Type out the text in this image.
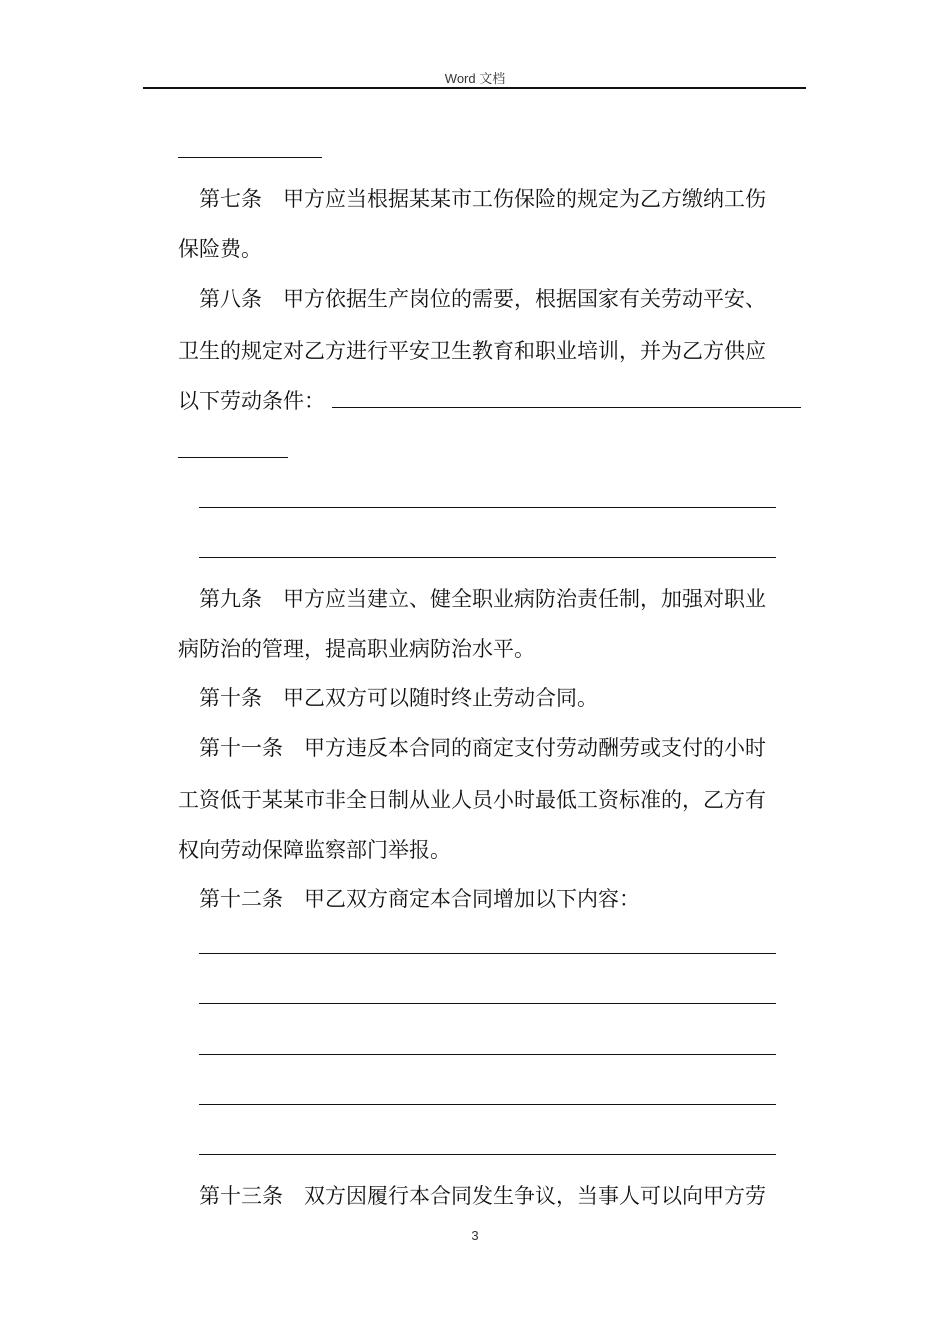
Word 文档
第七条　甲方应当根据某某市工伤保险的规定为乙方缴纳工伤
保险费。
第八条　甲方依据生产岗位的需要，根据国家有关劳动平安、
卫生的规定对乙方进行平安卫生教育和职业培训，并为乙方供应
以下劳动条件：
第九条　甲方应当建立、健全职业病防治责任制，加强对职业
病防治的管理，提高职业病防治水平。
第十条　甲乙双方可以随时终止劳动合同。
第十一条　甲方违反本合同的商定支付劳动酬劳或支付的小时
工资低于某某市非全日制从业人员小时最低工资标准的，乙方有
权向劳动保障监察部门举报。
第十二条　甲乙双方商定本合同增加以下内容：
第十三条　双方因履行本合同发生争议，当事人可以向甲方劳
3
